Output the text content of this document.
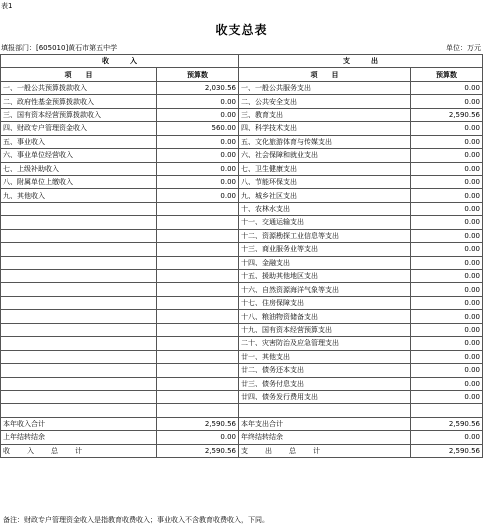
表1
收支总表
填报部门：[605010]黄石市第五中学	单位：万元
收　　　入		支　　　出	
项　　目	预算数	项　　目	预算数
一、一般公共预算拨款收入	2,030.56	一、一般公共服务支出	0.00
二、政府性基金预算拨款收入	0.00	二、公共安全支出	0.00
三、国有资本经营预算拨款收入	0.00	三、教育支出	2,590.56
四、财政专户管理资金收入	560.00	四、科学技术支出	0.00
五、事业收入	0.00	五、文化旅游体育与传媒支出	0.00
六、事业单位经营收入	0.00	六、社会保障和就业支出	0.00
七、上级补助收入	0.00	七、卫生健康支出	0.00
八、附属单位上缴收入	0.00	八、节能环保支出	0.00
九、其他收入	0.00	九、城乡社区支出	0.00
		十、农林水支出	0.00
		十一、交通运输支出	0.00
		十二、资源勘探工业信息等支出	0.00
		十三、商业服务业等支出	0.00
		十四、金融支出	0.00
		十五、援助其他地区支出	0.00
		十六、自然资源海洋气象等支出	0.00
		十七、住房保障支出	0.00
		十八、粮油物资储备支出	0.00
		十九、国有资本经营预算支出	0.00
		二十、灾害防治及应急管理支出	0.00
		廿一、其他支出	0.00
		廿二、债务还本支出	0.00
		廿三、债务付息支出	0.00
		廿四、债务发行费用支出	0.00

本年收入合计	2,590.56	本年支出合计	2,590.56
上年结转结余	0.00	年终结转结余	0.00
收　　入　　总　　计	2,590.56	支　　出　　总　　计	2,590.56
备注：财政专户管理资金收入是指教育收费收入；事业收入不含教育收费收入，下同。
